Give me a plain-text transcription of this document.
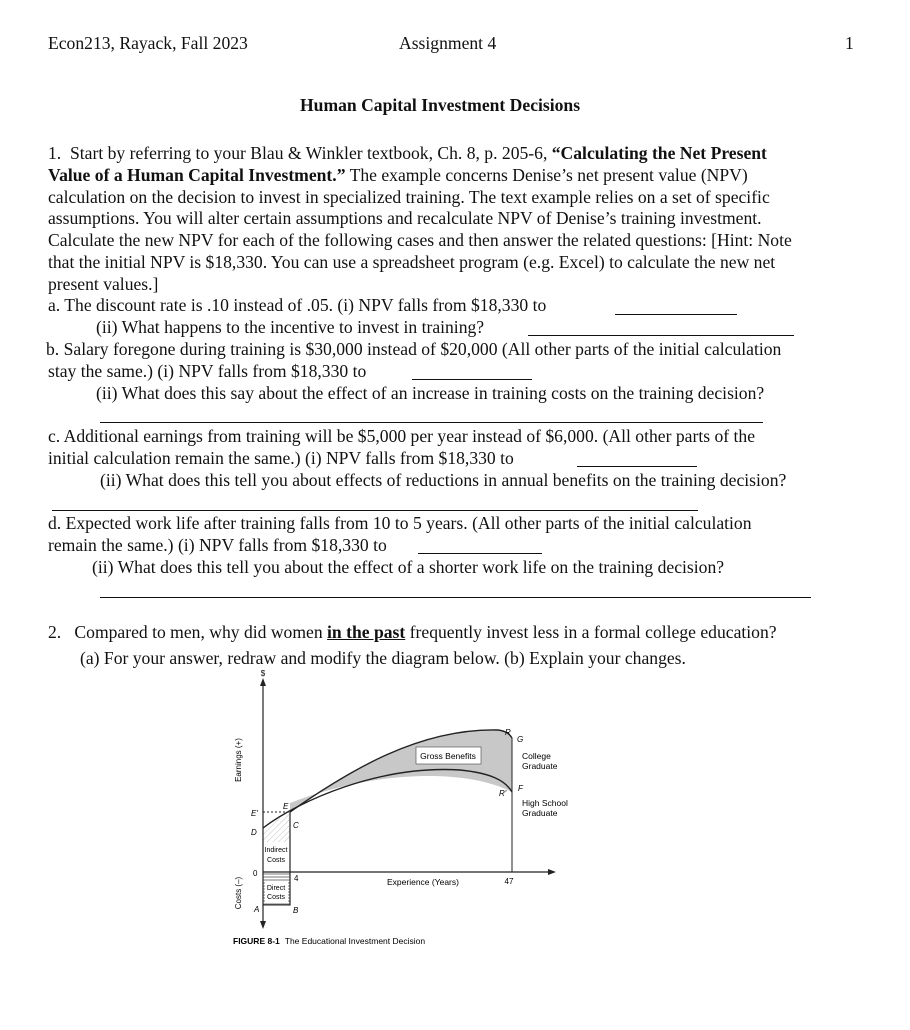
Econ213, Rayack, Fall 2023	Assignment 4	1
Human Capital Investment Decisions
1. Start by referring to your Blau & Winkler textbook, Ch. 8, p. 205-6, “Calculating the Net Present
Value of a Human Capital Investment.” The example concerns Denise’s net present value (NPV)
calculation on the decision to invest in specialized training. The text example relies on a set of specific
assumptions. You will alter certain assumptions and recalculate NPV of Denise’s training investment.
Calculate the new NPV for each of the following cases and then answer the related questions: [Hint: Note
that the initial NPV is $18,330. You can use a spreadsheet program (e.g. Excel) to calculate the new net
present values.]
a. The discount rate is .10 instead of .05. (i) NPV falls from $18,330 to
(ii) What happens to the incentive to invest in training?
b. Salary foregone during training is $30,000 instead of $20,000 (All other parts of the initial calculation
stay the same.) (i) NPV falls from $18,330 to
(ii) What does this say about the effect of an increase in training costs on the training decision?
c. Additional earnings from training will be $5,000 per year instead of $6,000. (All other parts of the
initial calculation remain the same.) (i) NPV falls from $18,330 to
(ii) What does this tell you about effects of reductions in annual benefits on the training decision?
d. Expected work life after training falls from 10 to 5 years. (All other parts of the initial calculation
remain the same.) (i) NPV falls from $18,330 to
(ii) What does this tell you about the effect of a shorter work life on the training decision?
2. Compared to men, why did women in the past frequently invest less in a formal college education?
(a) For your answer, redraw and modify the diagram below. (b) Explain your changes.
$
Earnings (+)
Costs (–)
Gross Benefits	College
Graduate
High School
Graduate
Indirect
Costs
Direct
Costs
Experience (Years)
4	47
R
G
R'
F
E
E'
D
C
0
A	B
FIGURE 8-1 The Educational Investment Decision
